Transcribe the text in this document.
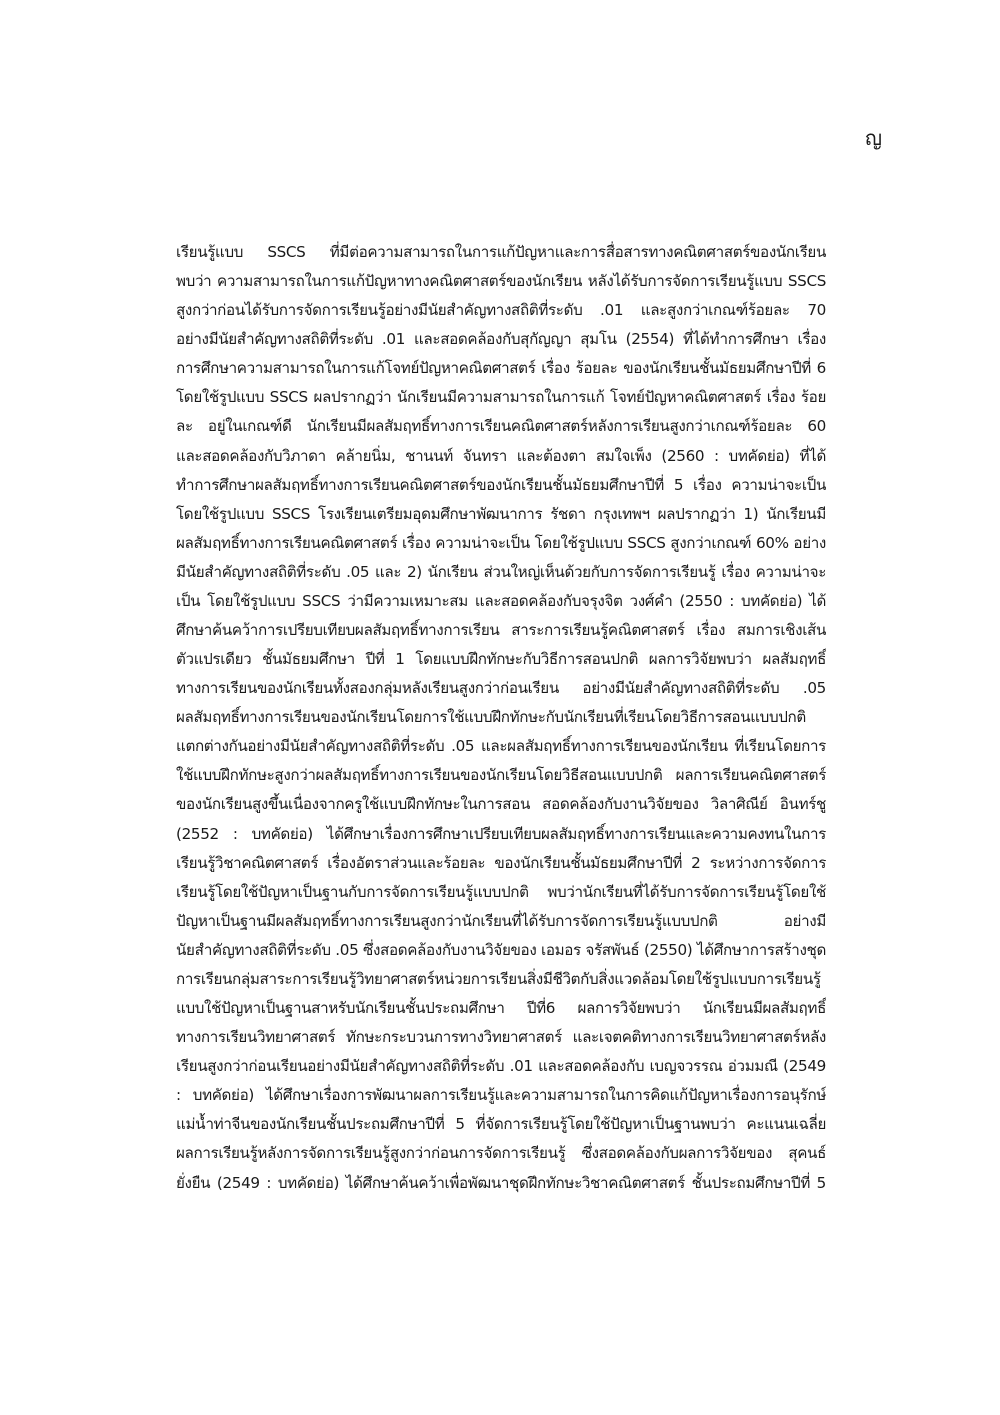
ญ
เรียนรู้แบบ SSCS ที่มีต่อความสามารถในการแก้ปัญหาและการสื่อสารทางคณิตศาสตร์ของนักเรียน
พบว่า ความสามารถในการแก้ปัญหาทางคณิตศาสตร์ของนักเรียน หลังได้รับการจัดการเรียนรู้แบบ SSCS
สูงกว่าก่อนได้รับการจัดการเรียนรู้อย่างมีนัยสำคัญทางสถิติที่ระดับ .01 และสูงกว่าเกณฑ์ร้อยละ 70
อย่างมีนัยสำคัญทางสถิติที่ระดับ .01 และสอดคล้องกับสุกัญญา สุมโน (2554) ที่ได้ทำการศึกษา เรื่อง
การศึกษาความสามารถในการแก้โจทย์ปัญหาคณิตศาสตร์ เรื่อง ร้อยละ ของนักเรียนชั้นมัธยมศึกษาปีที่ 6
โดยใช้รูปแบบ SSCS ผลปรากฏว่า นักเรียนมีความสามารถในการแก้ โจทย์ปัญหาคณิตศาสตร์ เรื่อง ร้อย
ละ อยู่ในเกณฑ์ดี นักเรียนมีผลสัมฤทธิ์ทางการเรียนคณิตศาสตร์หลังการเรียนสูงกว่าเกณฑ์ร้อยละ 60
และสอดคล้องกับวิภาดา คล้ายนิ่ม, ชานนท์ จันทรา และต้องตา สมใจเพ็ง (2560 : บทคัดย่อ) ที่ได้
ทำการศึกษาผลสัมฤทธิ์ทางการเรียนคณิตศาสตร์ของนักเรียนชั้นมัธยมศึกษาปีที่ 5 เรื่อง ความน่าจะเป็น
โดยใช้รูปแบบ SSCS โรงเรียนเตรียมอุดมศึกษาพัฒนาการ รัชดา กรุงเทพฯ ผลปรากฏว่า 1) นักเรียนมี
ผลสัมฤทธิ์ทางการเรียนคณิตศาสตร์ เรื่อง ความน่าจะเป็น โดยใช้รูปแบบ SSCS สูงกว่าเกณฑ์ 60% อย่าง
มีนัยสำคัญทางสถิติที่ระดับ .05 และ 2) นักเรียน ส่วนใหญ่เห็นด้วยกับการจัดการเรียนรู้ เรื่อง ความน่าจะ
เป็น โดยใช้รูปแบบ SSCS ว่ามีความเหมาะสม และสอดคล้องกับจรุงจิต วงศ์คำ (2550 : บทคัดย่อ) ได้
ศึกษาค้นคว้าการเปรียบเทียบผลสัมฤทธิ์ทางการเรียน สาระการเรียนรู้คณิตศาสตร์ เรื่อง สมการเชิงเส้น
ตัวแปรเดียว ชั้นมัธยมศึกษา ปีที่ 1 โดยแบบฝึกทักษะกับวิธีการสอนปกติ ผลการวิจัยพบว่า ผลสัมฤทธิ์
ทางการเรียนของนักเรียนทั้งสองกลุ่มหลังเรียนสูงกว่าก่อนเรียน อย่างมีนัยสำคัญทางสถิติที่ระดับ .05
ผลสัมฤทธิ์ทางการเรียนของนักเรียนโดยการใช้แบบฝึกทักษะกับนักเรียนที่เรียนโดยวิธีการสอนแบบปกติ
แตกต่างกันอย่างมีนัยสำคัญทางสถิติที่ระดับ .05 และผลสัมฤทธิ์ทางการเรียนของนักเรียน ที่เรียนโดยการ
ใช้แบบฝึกทักษะสูงกว่าผลสัมฤทธิ์ทางการเรียนของนักเรียนโดยวิธีสอนแบบปกติ ผลการเรียนคณิตศาสตร์
ของนักเรียนสูงขึ้นเนื่องจากครูใช้แบบฝึกทักษะในการสอน สอดคล้องกับงานวิจัยของ วิลาศิณีย์ อินทร์ชู
(2552 : บทคัดย่อ) ได้ศึกษาเรื่องการศึกษาเปรียบเทียบผลสัมฤทธิ์ทางการเรียนและความคงทนในการ
เรียนรู้วิชาคณิตศาสตร์ เรื่องอัตราส่วนและร้อยละ ของนักเรียนชั้นมัธยมศึกษาปีที่ 2 ระหว่างการจัดการ
เรียนรู้โดยใช้ปัญหาเป็นฐานกับการจัดการเรียนรู้แบบปกติ พบว่านักเรียนที่ได้รับการจัดการเรียนรู้โดยใช้
ปัญหาเป็นฐานมีผลสัมฤทธิ์ทางการเรียนสูงกว่านักเรียนที่ได้รับการจัดการเรียนรู้แบบปกติ อย่างมี
นัยสำคัญทางสถิติที่ระดับ .05 ซึ่งสอดคล้องกับงานวิจัยของ เอมอร จรัสพันธ์ (2550) ได้ศึกษาการสร้างชุด
การเรียนกลุ่มสาระการเรียนรู้วิทยาศาสตร์หน่วยการเรียนสิ่งมีชีวิตกับสิ่งแวดล้อมโดยใช้รูปแบบการเรียนรู้
แบบใช้ปัญหาเป็นฐานสาหรับนักเรียนชั้นประถมศึกษา ปีที่6 ผลการวิจัยพบว่า นักเรียนมีผลสัมฤทธิ์
ทางการเรียนวิทยาศาสตร์ ทักษะกระบวนการทางวิทยาศาสตร์ และเจตคติทางการเรียนวิทยาศาสตร์หลัง
เรียนสูงกว่าก่อนเรียนอย่างมีนัยสำคัญทางสถิติที่ระดับ .01 และสอดคล้องกับ เบญจวรรณ อ่วมมณี (2549
: บทคัดย่อ) ได้ศึกษาเรื่องการพัฒนาผลการเรียนรู้และความสามารถในการคิดแก้ปัญหาเรื่องการอนุรักษ์
แม่น้ำท่าจีนของนักเรียนชั้นประถมศึกษาปีที่ 5 ที่จัดการเรียนรู้โดยใช้ปัญหาเป็นฐานพบว่า คะแนนเฉลี่ย
ผลการเรียนรู้หลังการจัดการเรียนรู้สูงกว่าก่อนการจัดการเรียนรู้ ซึ่งสอดคล้องกับผลการวิจัยของ สุคนธ์
ยั่งยืน (2549 : บทคัดย่อ) ได้ศึกษาค้นคว้าเพื่อพัฒนาชุดฝึกทักษะวิชาคณิตศาสตร์ ชั้นประถมศึกษาปีที่ 5
